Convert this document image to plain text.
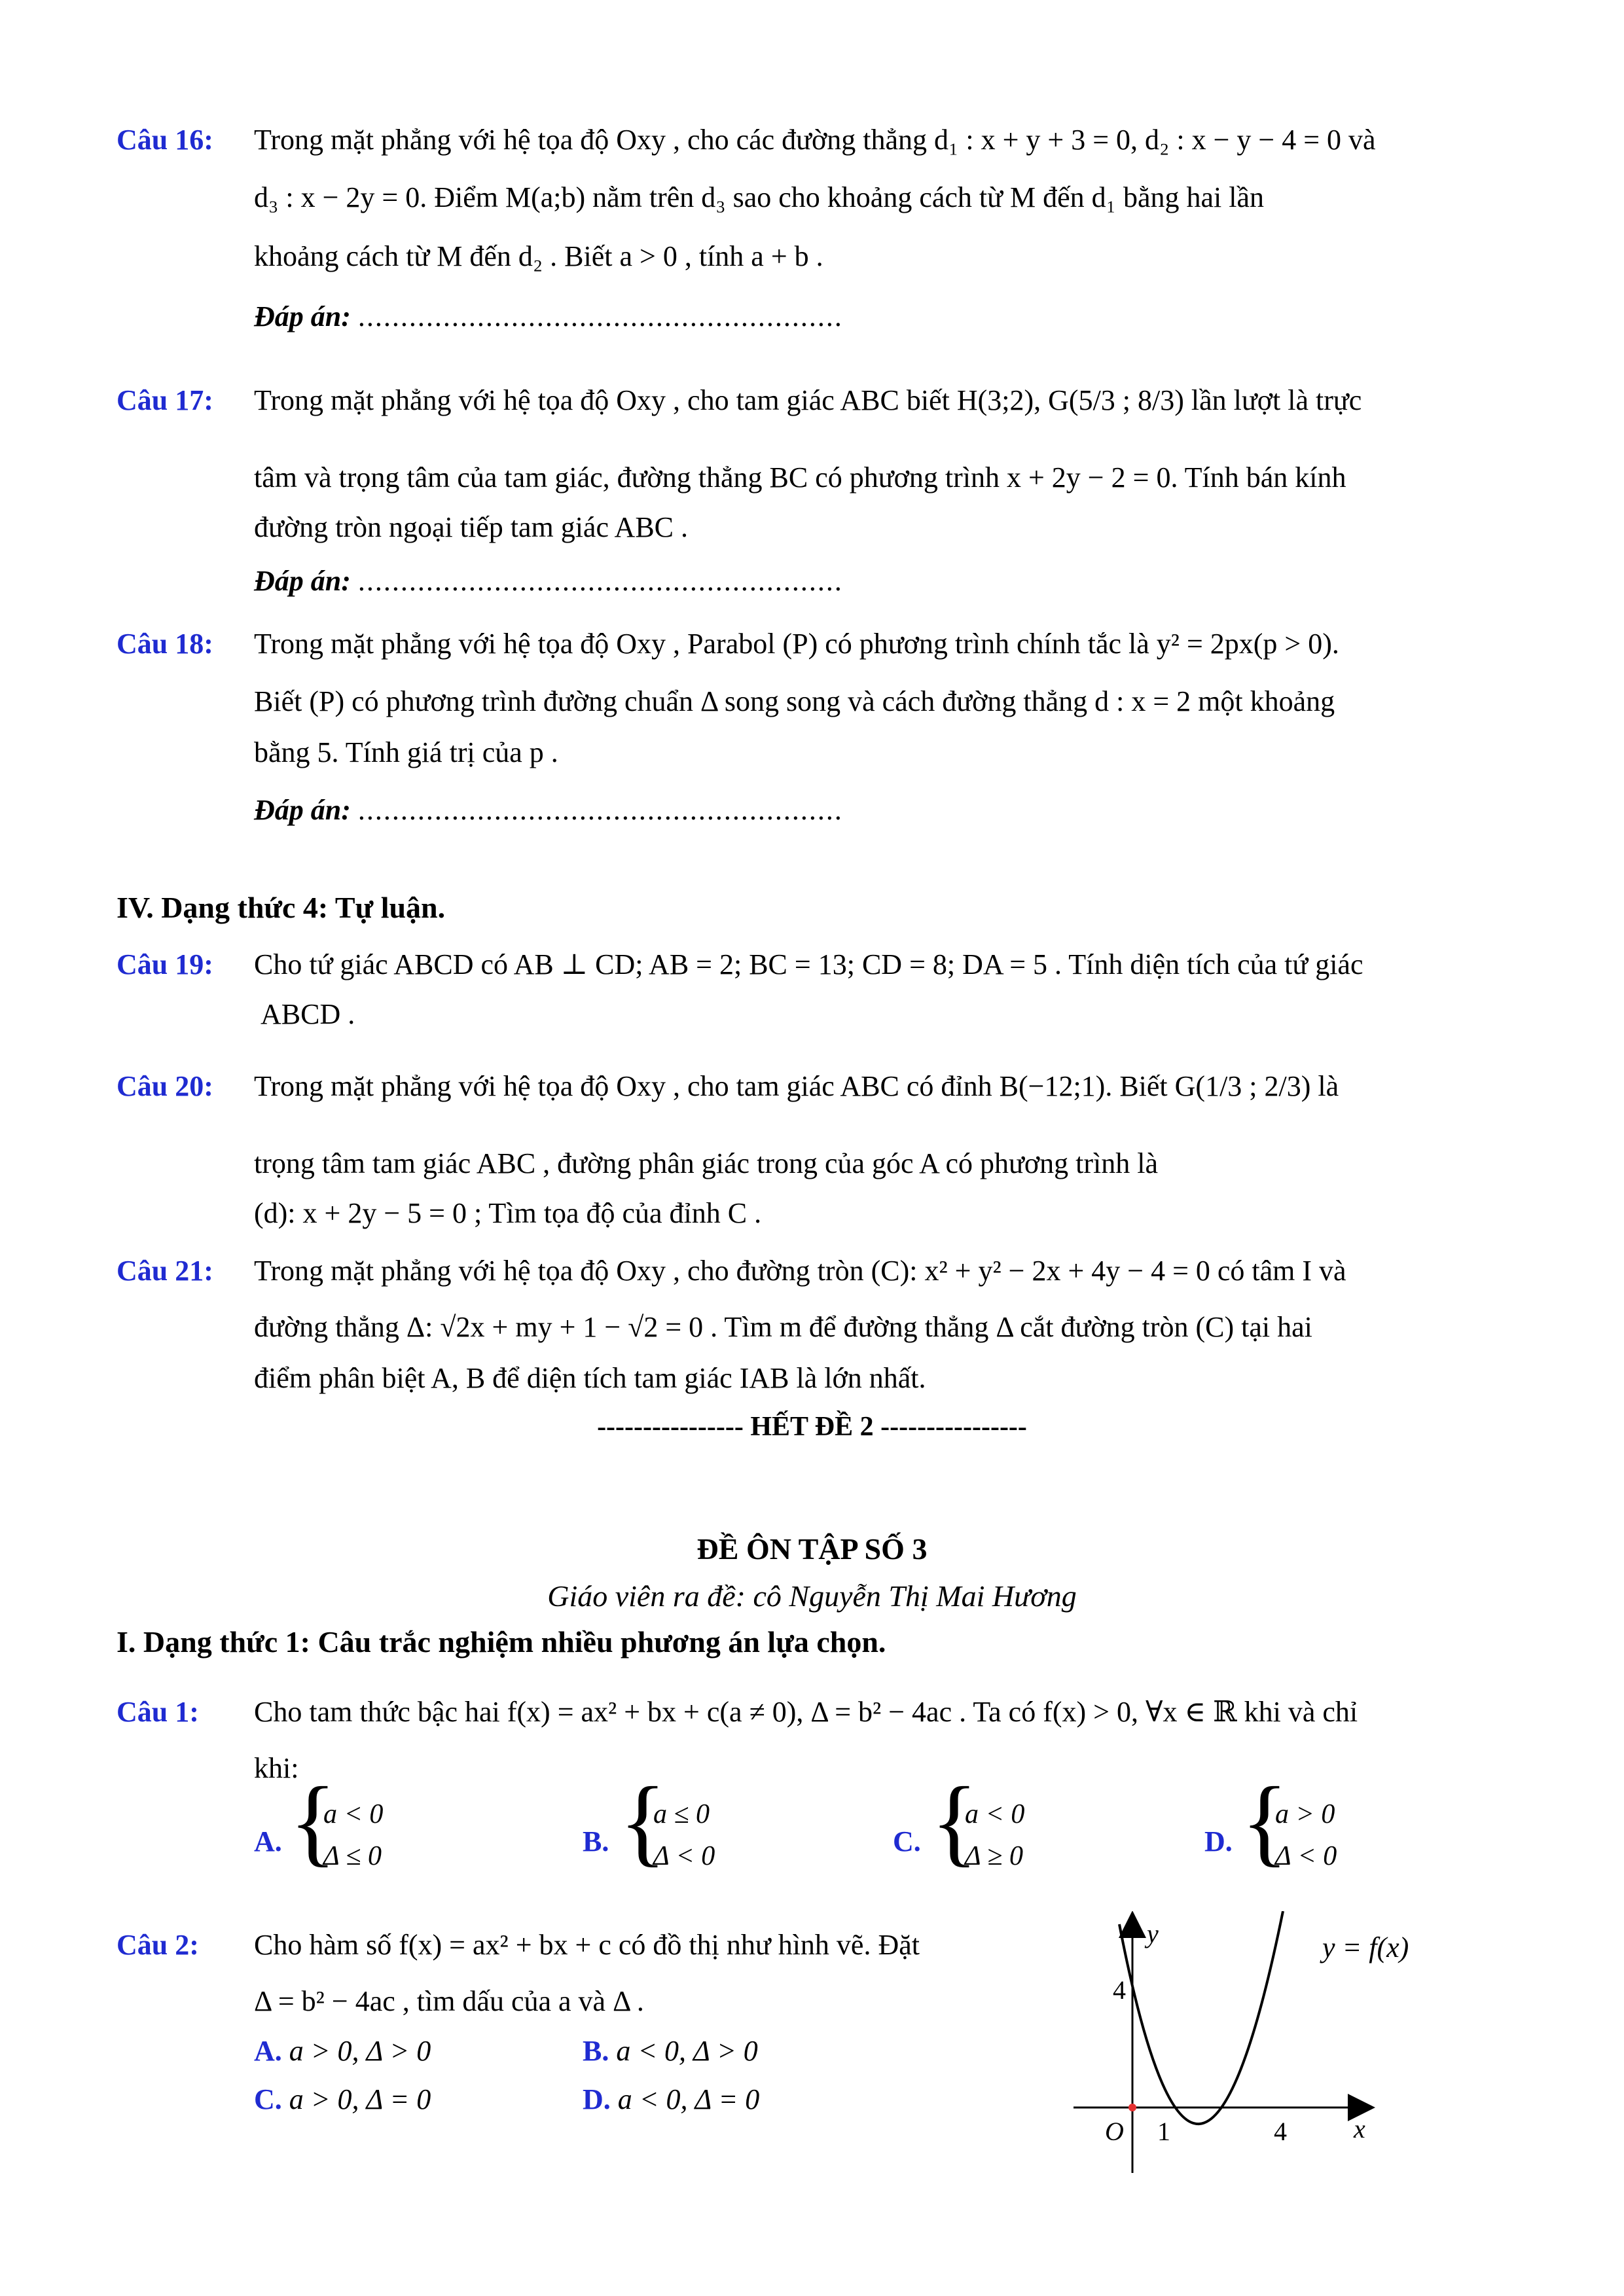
Câu 16: Trong mặt phẳng với hệ tọa độ Oxy , cho các đường thẳng d₁ : x + y + 3 = 0, d₂ : x − y − 4 = 0 và
d₃ : x − 2y = 0. Điểm M(a;b) nằm trên d₃ sao cho khoảng cách từ M đến d₁ bằng hai lần
khoảng cách từ M đến d₂ . Biết a > 0 , tính a + b .
Đáp án: .........................................................
Câu 17: Trong mặt phẳng với hệ tọa độ Oxy , cho tam giác ABC biết H(3;2), G(5/3 ; 8/3) lần lượt là trực
tâm và trọng tâm của tam giác, đường thẳng BC có phương trình x + 2y − 2 = 0. Tính bán kính
đường tròn ngoại tiếp tam giác ABC .
Đáp án: .........................................................
Câu 18: Trong mặt phẳng với hệ tọa độ Oxy , Parabol (P) có phương trình chính tắc là y² = 2px(p > 0).
Biết (P) có phương trình đường chuẩn Δ song song và cách đường thẳng d : x = 2 một khoảng
bằng 5. Tính giá trị của p .
Đáp án: .........................................................
IV. Dạng thức 4: Tự luận.
Câu 19: Cho tứ giác ABCD có AB ⊥ CD; AB = 2; BC = 13; CD = 8; DA = 5 . Tính diện tích của tứ giác
ABCD .
Câu 20: Trong mặt phẳng với hệ tọa độ Oxy , cho tam giác ABC có đỉnh B(−12;1). Biết G(1/3 ; 2/3) là
trọng tâm tam giác ABC , đường phân giác trong của góc A có phương trình là
(d): x + 2y − 5 = 0 ; Tìm tọa độ của đỉnh C .
Câu 21: Trong mặt phẳng với hệ tọa độ Oxy , cho đường tròn (C): x² + y² − 2x + 4y − 4 = 0 có tâm I và
đường thẳng Δ: √2x + my + 1 − √2 = 0 . Tìm m để đường thẳng Δ cắt đường tròn (C) tại hai
điểm phân biệt A, B để diện tích tam giác IAB là lớn nhất.
---------------- HẾT ĐỀ 2 ----------------
ĐỀ ÔN TẬP SỐ 3
Giáo viên ra đề: cô Nguyễn Thị Mai Hương
I. Dạng thức 1: Câu trắc nghiệm nhiều phương án lựa chọn.
Câu 1: Cho tam thức bậc hai f(x) = ax² + bx + c(a ≠ 0), Δ = b² − 4ac . Ta có f(x) > 0, ∀x ∈ ℝ khi và chỉ
khi:
A. {
a < 0
Δ ≤ 0	B. {
a ≤ 0
Δ < 0	C. {
a < 0
Δ ≥ 0	D. {
a > 0
Δ < 0
Câu 2: Cho hàm số f(x) = ax² + bx + c có đồ thị như hình vẽ. Đặt
Δ = b² − 4ac , tìm dấu của a và Δ .
A. a > 0, Δ > 0	B. a < 0, Δ > 0
C. a > 0, Δ = 0	D. a < 0, Δ = 0
y
x
O 1	4
4
y = f(x)
